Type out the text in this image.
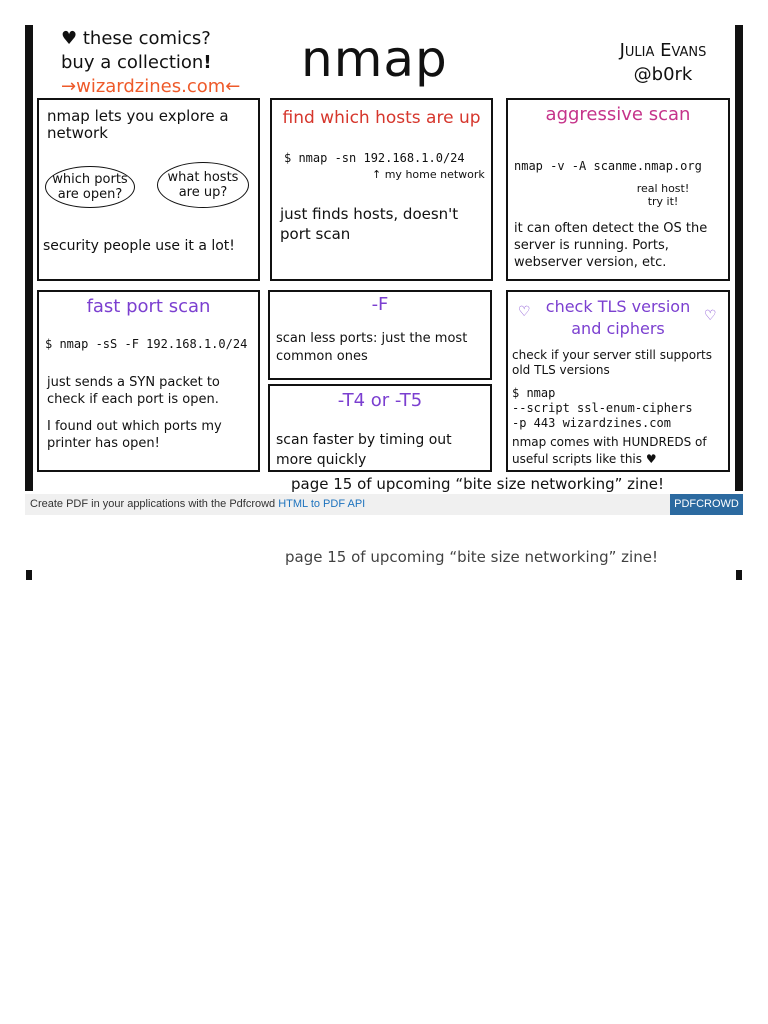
♥ these comics?
buy a collection!
→wizardzines.com←	nmap	Julia Evans
@b0rk
nmap lets you explore a network
which ports are open?
what hosts are up?
security people use it a lot!
find which hosts are up
$ nmap -sn 192.168.1.0/24
↑ my home network
just finds hosts, doesn't port scan
aggressive scan
nmap -v -A scanme.nmap.org
real host! try it!
it can often detect the OS the server is running. Ports, webserver version, etc.
fast port scan
$ nmap -sS -F 192.168.1.0/24
just sends a SYN packet to check if each port is open.
I found out which ports my printer has open!
-F
scan less ports: just the most common ones
-T4 or -T5
scan faster by timing out more quickly
♡ check TLS version and ciphers
♡
check if your server still supports old TLS versions
$ nmap
--script ssl-enum-ciphers
-p 443 wizardzines.com
nmap comes with HUNDREDS of useful scripts like this ♥
page 15 of upcoming “bite size networking” zine!
Create PDF in your applications with the Pdfcrowd HTML to PDF API	PDFCROWD
page 15 of upcoming “bite size networking” zine!
